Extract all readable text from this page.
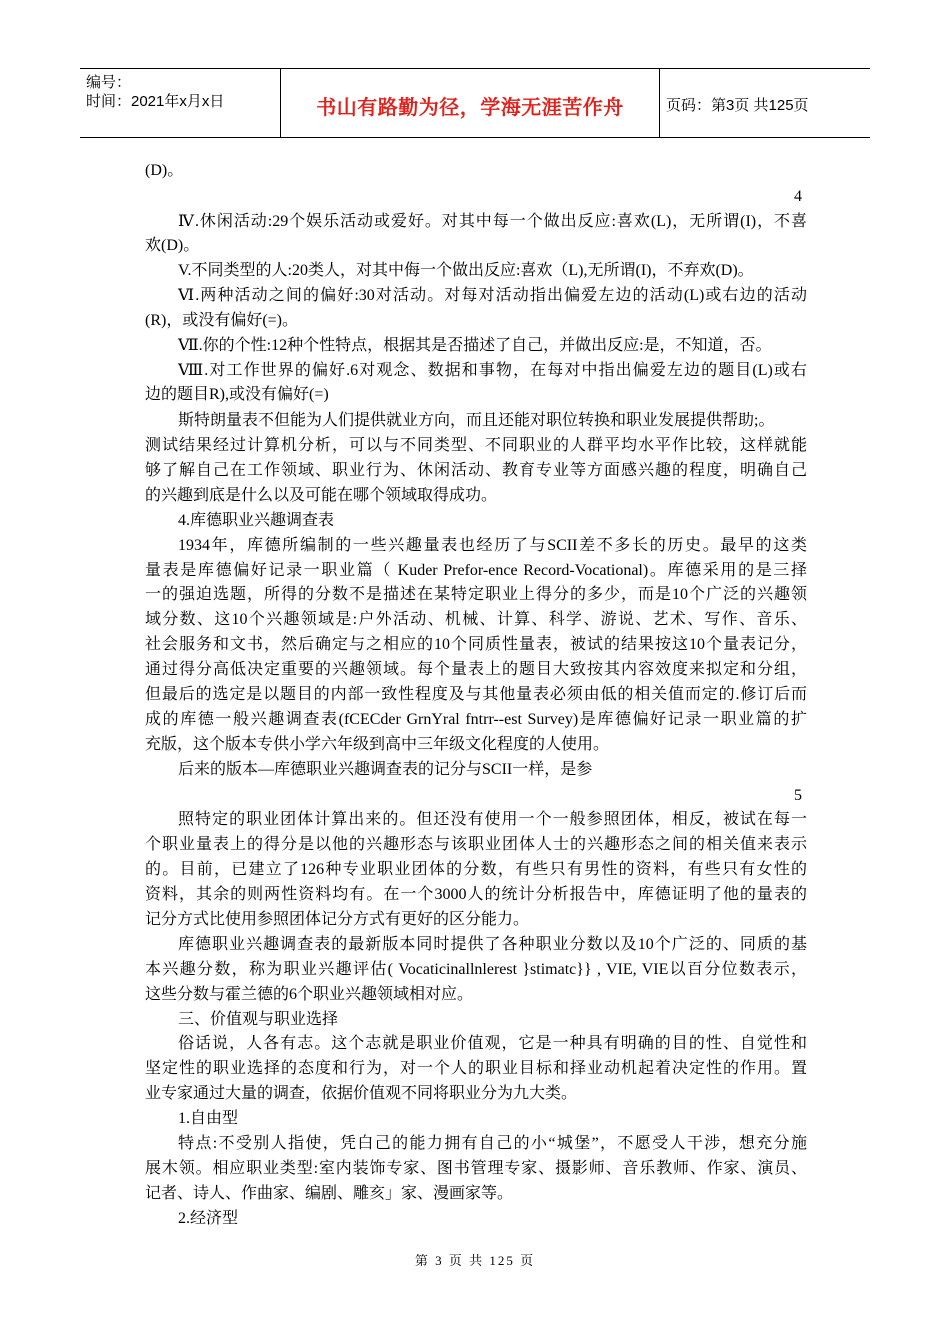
编号：
时间：2021年x月x日	书山有路勤为径，学海无涯苦作舟	页码：第3页 共125页
(D)。
4
Ⅳ.休闲活动:29个娱乐活动或爱好。对其中每一个做出反应:喜欢(L)，无所谓(I)，不喜
欢(D)。
V.不同类型的人:20类人，对其中侮一个做出反应:喜欢（L),无所谓(I)，不弃欢(D)。
Ⅵ.两种活动之间的偏好:30对活动。对每对活动指出偏爱左边的活动(L)或右边的活动
(R)，或没有偏好(=)。
Ⅶ.你的个性:12种个性特点，根据其是否描述了自己，并做出反应:是，不知道，否。
Ⅷ.对工作世界的偏好.6对观念、数据和事物，在每对中指出偏爱左边的题目(L)或右
边的题目R),或没有偏好(=)
斯特朗量表不但能为人们提供就业方向，而且还能对职位转换和职业发展提供帮助;。
测试结果经过计算机分析，可以与不同类型、不同职业的人群平均水平作比较，这样就能
够了解自己在工作领域、职业行为、休闲活动、教育专业等方面感兴趣的程度，明确自己
的兴趣到底是什么以及可能在哪个领域取得成功。
4.库德职业兴趣调查表
1934年，库德所编制的一些兴趣量表也经历了与SCII差不多长的历史。最早的这类
量表是库德偏好记录一职业篇（ Kuder Prefor-ence Record-Vocational)。库德采用的是三择
一的强迫选题，所得的分数不是描述在某特定职业上得分的多少，而是10个广泛的兴趣领
域分数、这10个兴趣领域是:户外活动、机械、计算、科学、游说、艺术、写作、音乐、
社会服务和文书，然后确定与之相应的10个同质性量表，被试的结果按这10个量表记分，
通过得分高低决定重要的兴趣领域。每个量表上的题目大致按其内容效度来拟定和分组，
但最后的选定是以题目的内部一致性程度及与其他量表必须由低的相关值而定的.修订后而
成的库德一般兴趣调查表(fCECder GrnYral fntrr--est Survey)是库德偏好记录一职业篇的扩
充版，这个版本专供小学六年级到高中三年级文化程度的人使用。
后来的版本—库德职业兴趣调查表的记分与SCII一样，是参
5
照特定的职业团体计算出来的。但还没有使用一个一般参照团体，相反，被试在每一
个职业量表上的得分是以他的兴趣形态与该职业团体人士的兴趣形态之间的相关值来表示
的。目前，已建立了126种专业职业团体的分数，有些只有男性的资料，有些只有女性的
资料，其余的则两性资料均有。在一个3000人的统计分析报告中，库德证明了他的量表的
记分方式比使用参照团体记分方式有更好的区分能力。
库德职业兴趣调查表的最新版本同时提供了各种职业分数以及10个广泛的、同质的基
本兴趣分数，称为职业兴趣评估( Vocaticinallnlerest }stimatc}} , VIE, VIE以百分位数表示，
这些分数与霍兰德的6个职业兴趣领域相对应。
三、价值观与职业选择
俗话说，人各有志。这个志就是职业价值观，它是一种具有明确的目的性、自觉性和
坚定性的职业选择的态度和行为，对一个人的职业目标和择业动机起着决定性的作用。置
业专家通过大量的调查，依据价值观不同将职业分为九大类。
1.自由型
特点:不受别人指使，凭白己的能力拥有自己的小“城堡”，不愿受人干涉，想充分施
展木领。相应职业类型:室内装饰专家、图书管理专家、摄影师、音乐教师、作家、演员、
记者、诗人、作曲家、编剧、雕亥」家、漫画家等。
2.经济型
第 3 页 共 125 页
